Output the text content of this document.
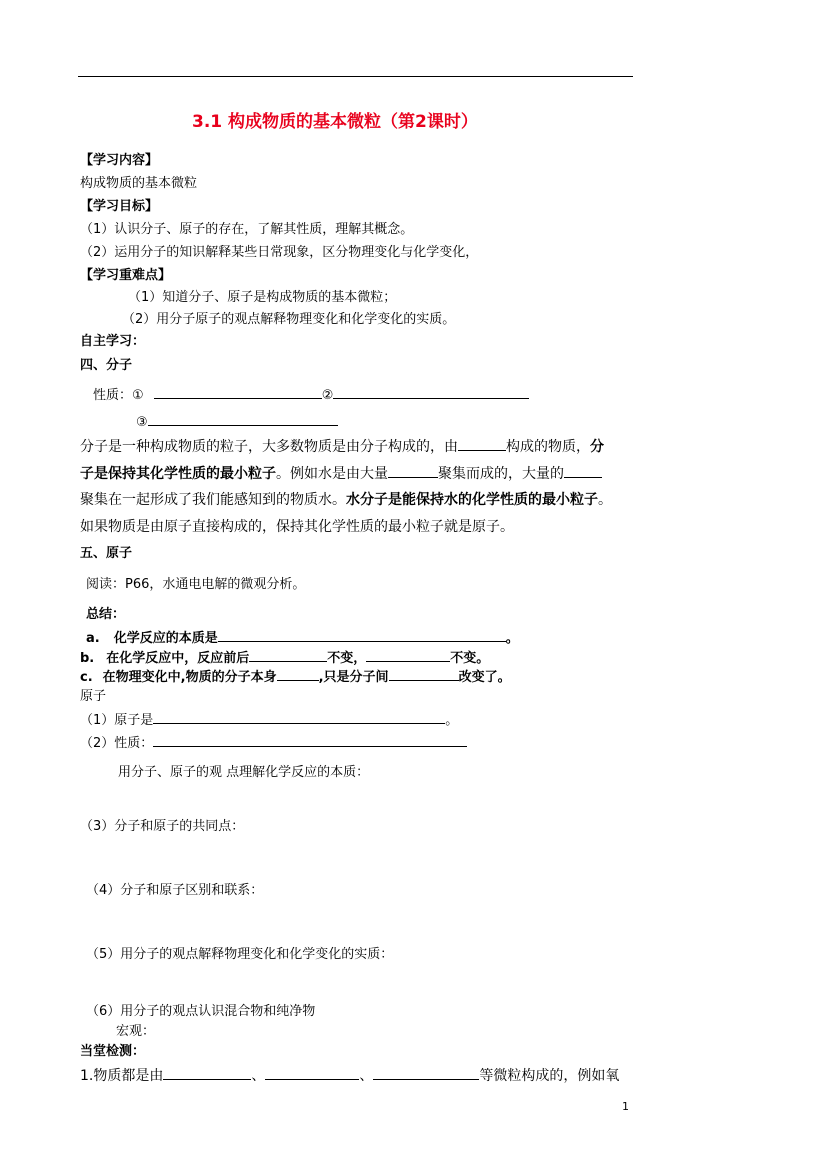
3.1 构成物质的基本微粒（第2课时）
【学习内容】
构成物质的基本微粒
【学习目标】
（1）认识分子、原子的存在，了解其性质，理解其概念。
（2）运用分子的知识解释某些日常现象，区分物理变化与化学变化，
【学习重难点】
（1）知道分子、原子是构成物质的基本微粒；
（2）用分子原子的观点解释物理变化和化学变化的实质。
自主学习：
四、分子
性质：①	②
③
分子是一种构成物质的粒子，大多数物质是由分子构成的，由	构成的物质，分
子是保持其化学性质的最小粒子。例如水是由大量	聚集而成的，大量的
聚集在一起形成了我们能感知到的物质水。水分子是能保持水的化学性质的最小粒子。
如果物质是由原子直接构成的，保持其化学性质的最小粒子就是原子。
五、原子
阅读：P66，水通电电解的微观分析。
总结：
a. 化学反应的本质是	。
b. 在化学反应中，反应前后	不变，	不变。
c. 在物理变化中,物质的分子本身	,只是分子间	改变了。
原子
（1）原子是	。
（2）性质：
用分子、原子的观 点理解化学反应的本质：
（3）分子和原子的共同点：
（4）分子和原子区别和联系：
（5）用分子的观点解释物理变化和化学变化的实质：
（6）用分子的观点认识混合物和纯净物
宏观：
当堂检测：
1.物质都是由	、	、	等微粒构成的，例如氧
1
